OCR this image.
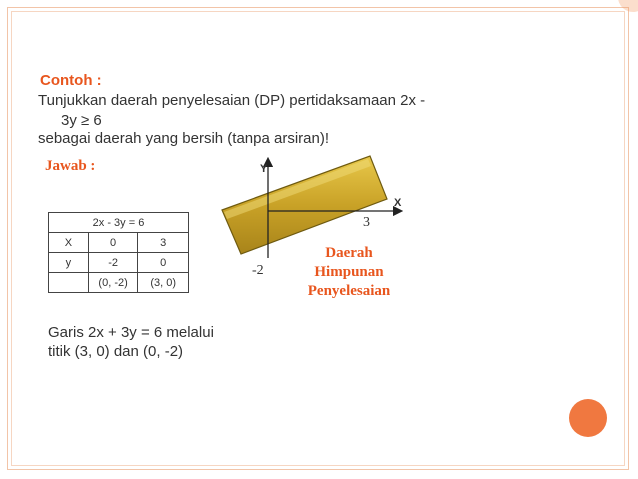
Contoh :
Tunjukkan daerah penyelesaian (DP) pertidaksamaan 2x -
3y ≥ 6
sebagai daerah yang bersih (tanpa arsiran)!
Jawab :
2x - 3y = 6		
X	0	3
y	-2	0
	(0, -2)	(3, 0)
Y
X
3
-2
Daerah
Himpunan
Penyelesaian
Garis 2x + 3y = 6 melalui
titik (3, 0) dan (0, -2)
